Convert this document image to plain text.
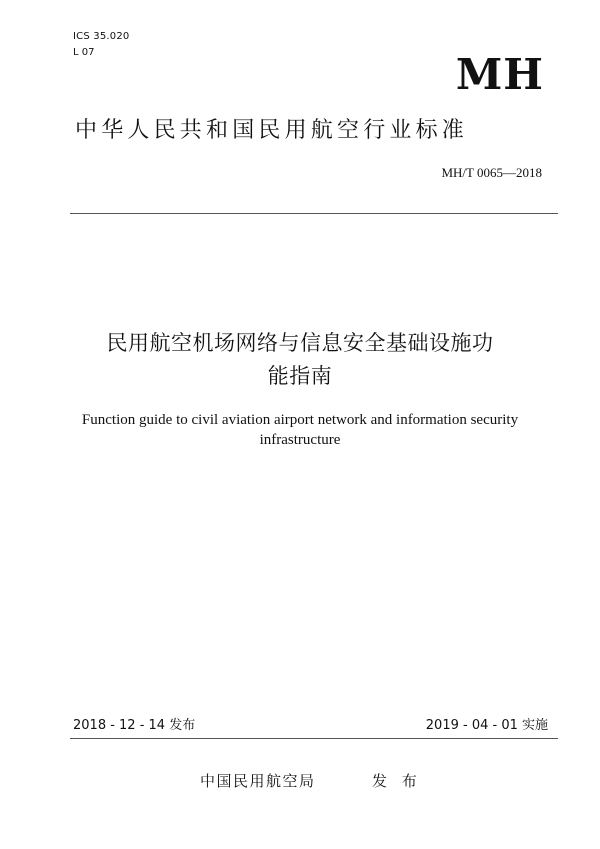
ICS 35.020
L 07	MH
中华人民共和国民用航空行业标准
MH/T 0065—2018
民用航空机场网络与信息安全基础设施功
能指南
Function guide to civil aviation airport network and information security
infrastructure
2018 - 12 - 14 发布	2019 - 04 - 01 实施
中国民用航空局	发 布
